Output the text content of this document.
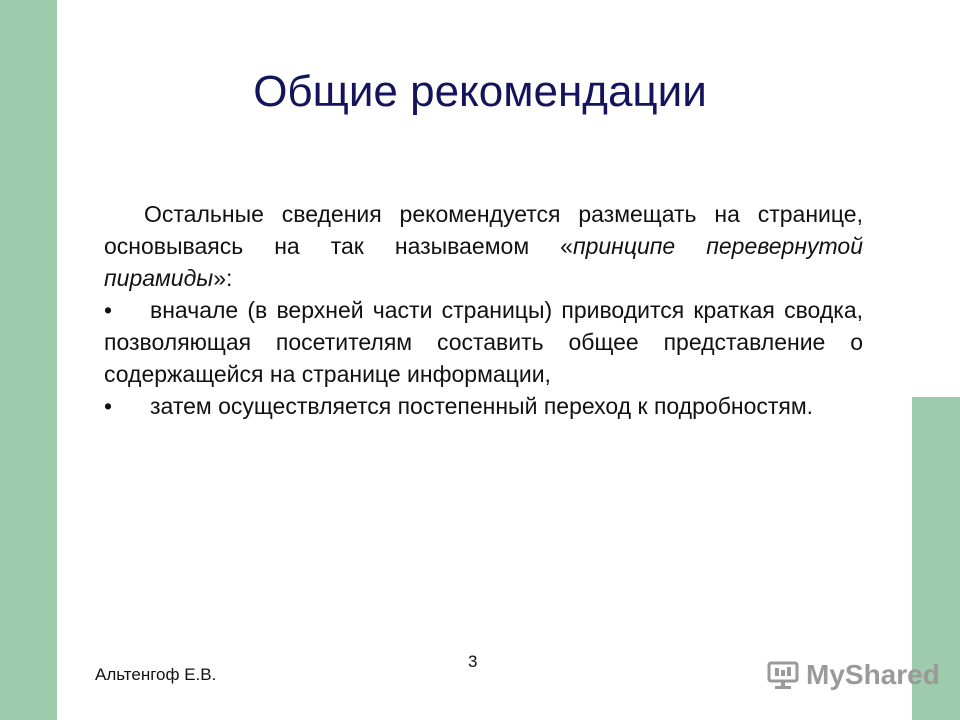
Общие рекомендации

Остальные сведения рекомендуется размещать на странице, основываясь на так называемом «принципе перевернутой пирамиды»:

• вначале (в верхней части страницы) приводится краткая сводка, позволяющая посетителям составить общее представление о содержащейся на странице информации,

• затем осуществляется постепенный переход к подробностям.

3
Альтенгоф Е.В.	MyShared
